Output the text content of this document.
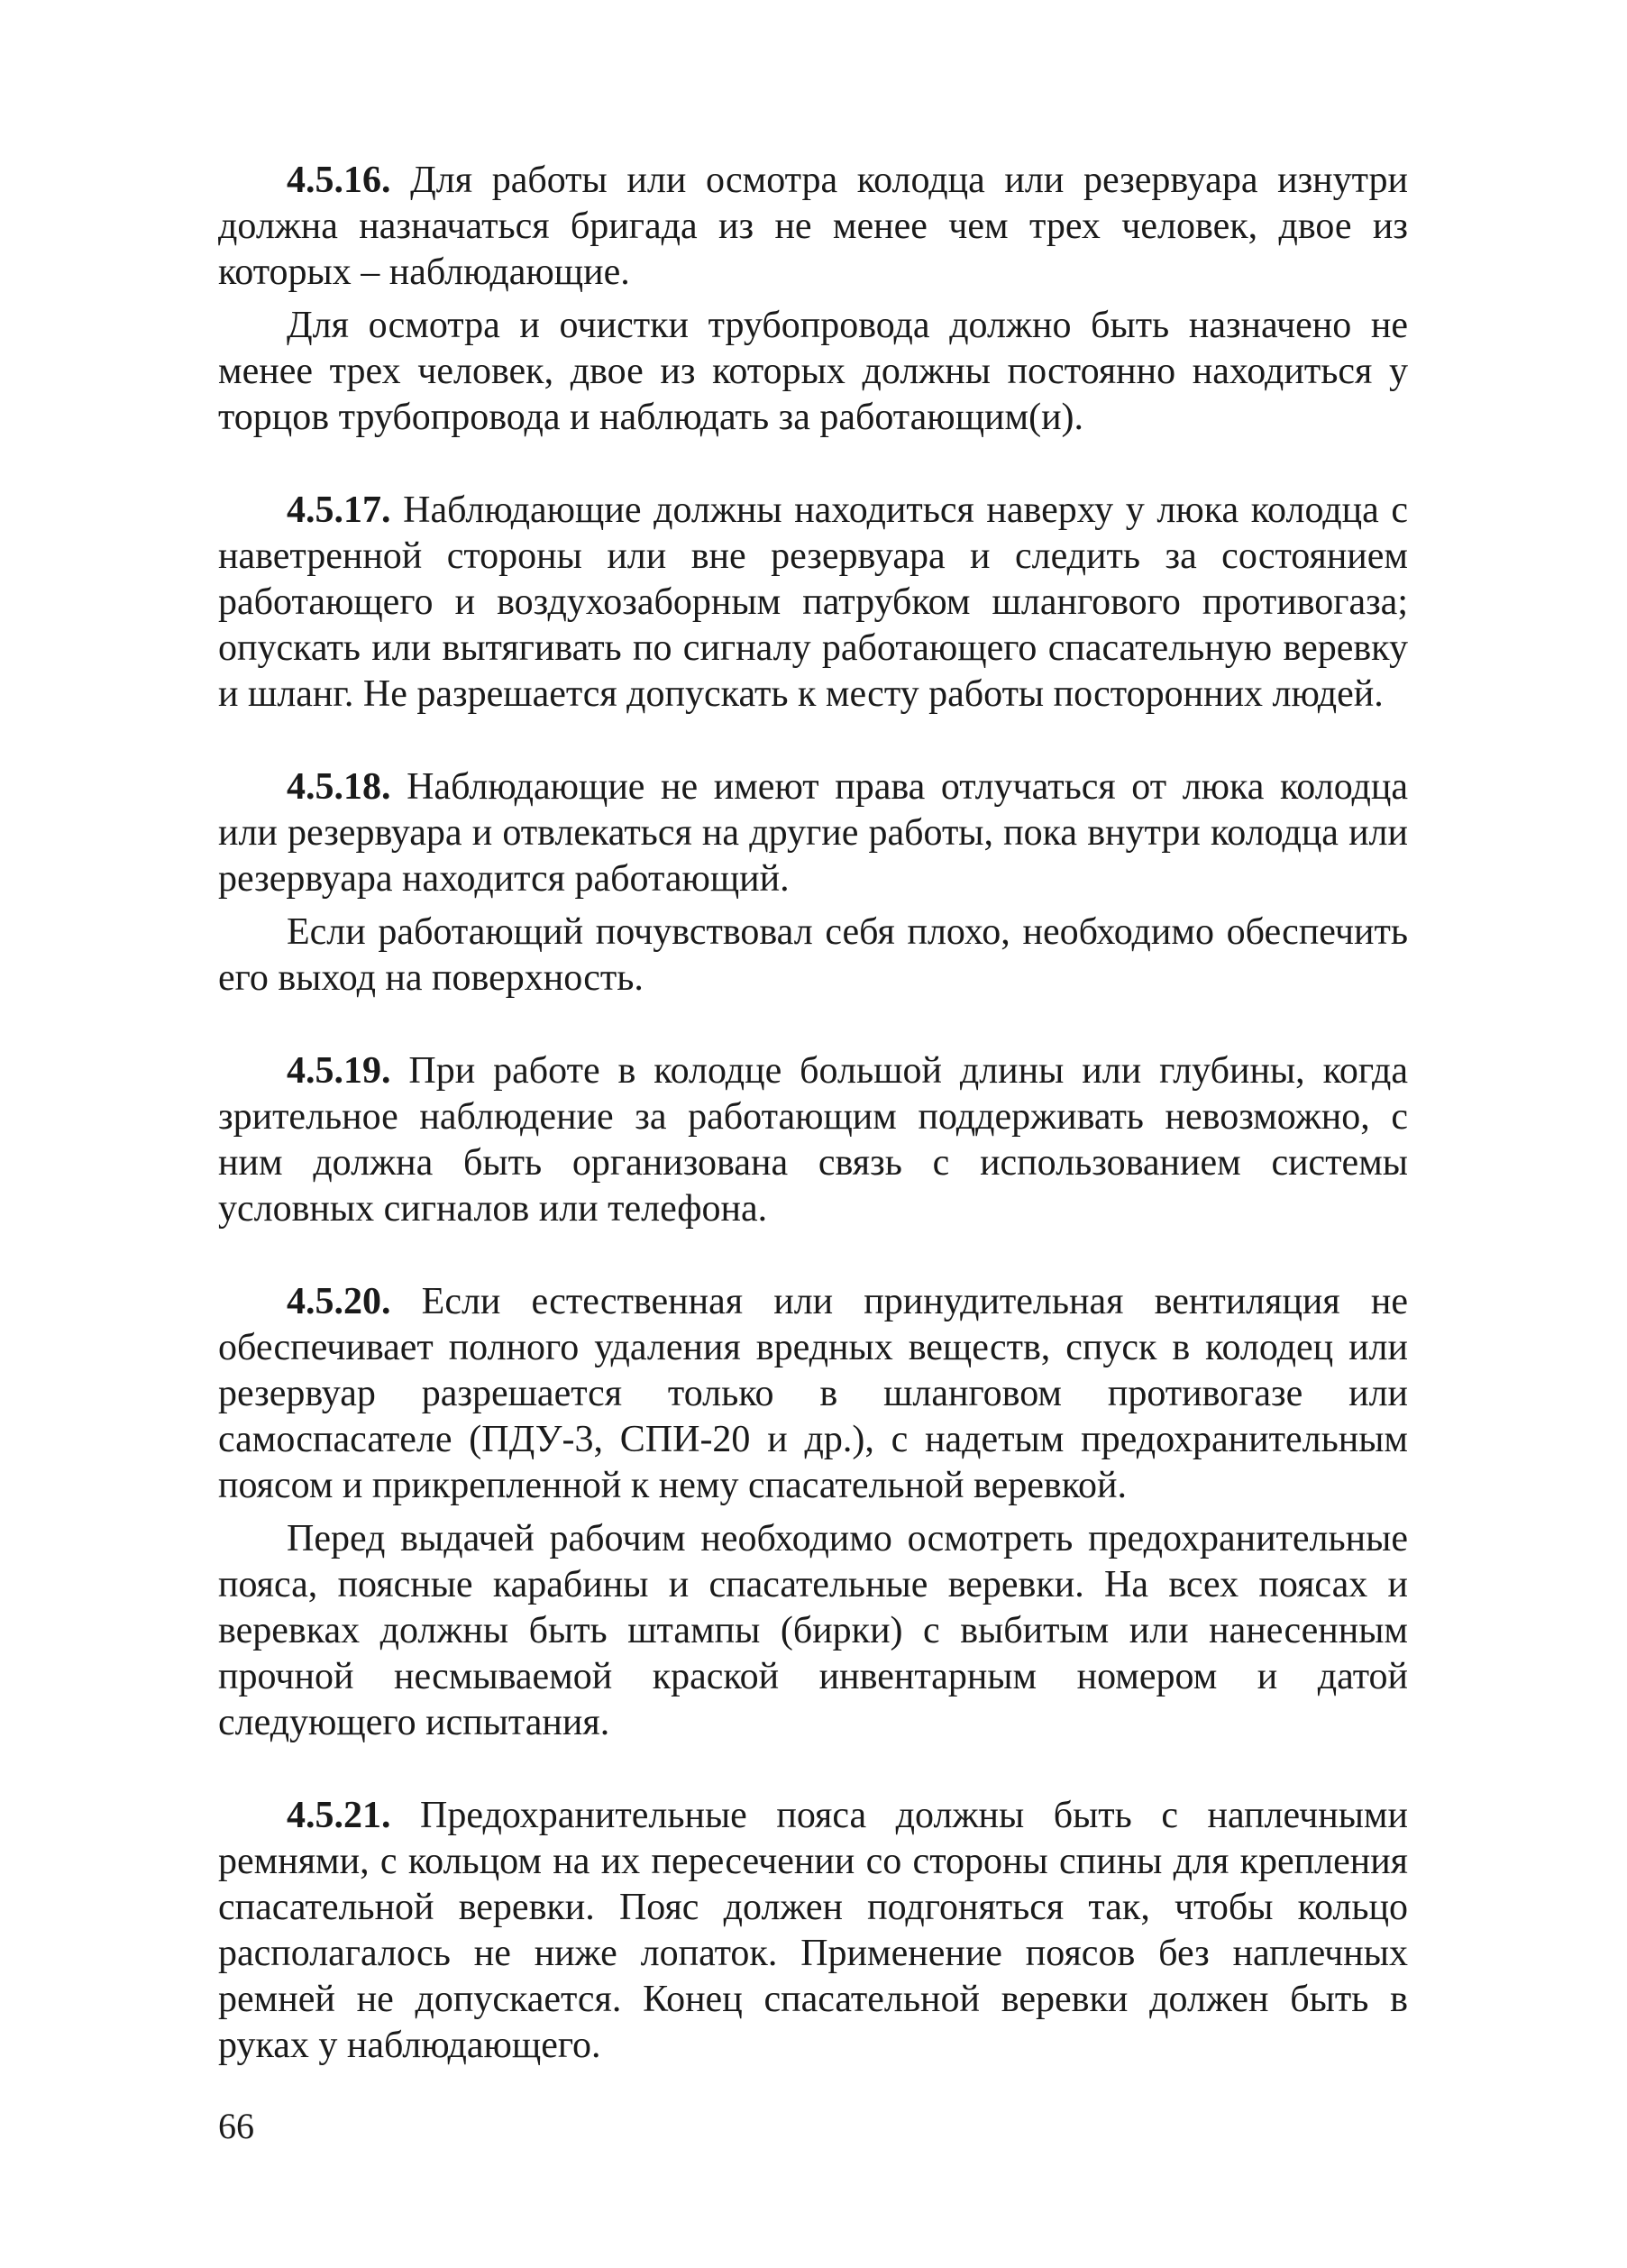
4.5.16. Для работы или осмотра колодца или резервуара изнутри должна назначаться бригада из не менее чем трех человек, двое из которых – наблюдающие.

Для осмотра и очистки трубопровода должно быть назначено не менее трех человек, двое из которых должны постоянно находиться у торцов трубопровода и наблюдать за работающим(и).

4.5.17. Наблюдающие должны находиться наверху у люка колодца с наветренной стороны или вне резервуара и следить за состоянием работающего и воздухозаборным патрубком шлангового противогаза; опускать или вытягивать по сигналу работающего спасательную веревку и шланг. Не разрешается допускать к месту работы посторонних людей.

4.5.18. Наблюдающие не имеют права отлучаться от люка колодца или резервуара и отвлекаться на другие работы, пока внутри колодца или резервуара находится работающий.

Если работающий почувствовал себя плохо, необходимо обеспечить его выход на поверхность.

4.5.19. При работе в колодце большой длины или глубины, когда зрительное наблюдение за работающим поддерживать невозможно, с ним должна быть организована связь с использованием системы условных сигналов или телефона.

4.5.20. Если естественная или принудительная вентиляция не обеспечивает полного удаления вредных веществ, спуск в колодец или резервуар разрешается только в шланговом противогазе или самоспасателе (ПДУ-3, СПИ-20 и др.), с надетым предохранительным поясом и прикрепленной к нему спасательной веревкой.

Перед выдачей рабочим необходимо осмотреть предохранительные пояса, поясные карабины и спасательные веревки. На всех поясах и веревках должны быть штампы (бирки) с выбитым или нанесенным прочной несмываемой краской инвентарным номером и датой следующего испытания.

4.5.21. Предохранительные пояса должны быть с наплечными ремнями, с кольцом на их пересечении со стороны спины для крепления спасательной веревки. Пояс должен подгоняться так, чтобы кольцо располагалось не ниже лопаток. Применение поясов без наплечных ремней не допускается. Конец спасательной веревки должен быть в руках у наблюдающего.

66
